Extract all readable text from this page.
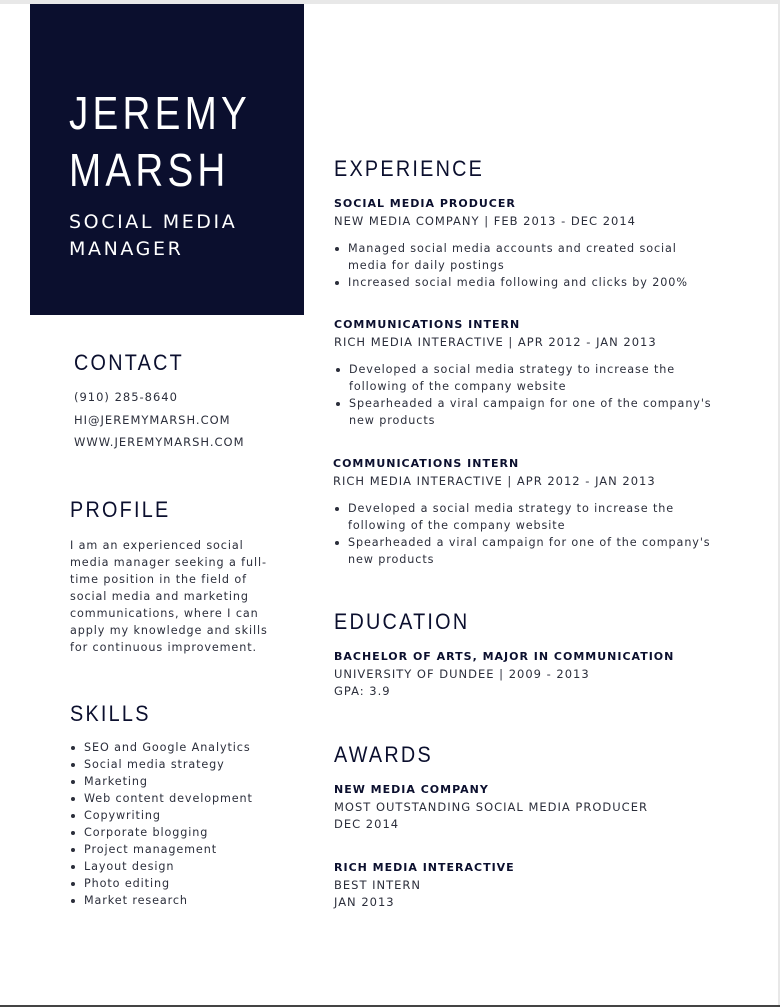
JEREMY
MARSH
SOCIAL MEDIA
MANAGER
CONTACT
(910) 285-8640
HI@JEREMYMARSH.COM
WWW.JEREMYMARSH.COM
PROFILE
I am an experienced social
media manager seeking a full-
time position in the field of
social media and marketing
communications, where I can
apply my knowledge and skills
for continuous improvement.
SKILLS
SEO and Google Analytics
Social media strategy
Marketing
Web content development
Copywriting
Corporate blogging
Project management
Layout design
Photo editing
Market research
EXPERIENCE
SOCIAL MEDIA PRODUCER
NEW MEDIA COMPANY | FEB 2013 - DEC 2014
Managed social media accounts and created social
media for daily postings
Increased social media following and clicks by 200%
COMMUNICATIONS INTERN
RICH MEDIA INTERACTIVE | APR 2012 - JAN 2013
Developed a social media strategy to increase the
following of the company website
Spearheaded a viral campaign for one of the company's
new products
COMMUNICATIONS INTERN
RICH MEDIA INTERACTIVE | APR 2012 - JAN 2013
Developed a social media strategy to increase the
following of the company website
Spearheaded a viral campaign for one of the company's
new products
EDUCATION
BACHELOR OF ARTS, MAJOR IN COMMUNICATION
UNIVERSITY OF DUNDEE | 2009 - 2013
GPA: 3.9
AWARDS
NEW MEDIA COMPANY
MOST OUTSTANDING SOCIAL MEDIA PRODUCER
DEC 2014
RICH MEDIA INTERACTIVE
BEST INTERN
JAN 2013
